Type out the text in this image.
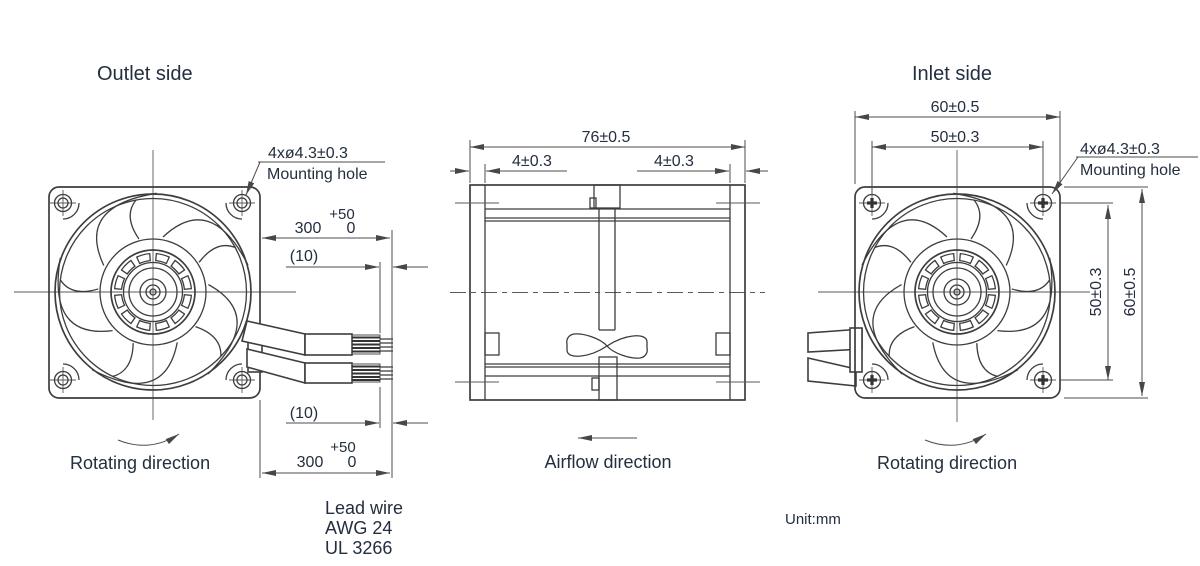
Outlet side
4xø4.3±0.3
Mounting hole
+50
300 0
(10)
(10)
+50
300 0
Rotating direction
Lead wire
AWG 24
UL 3266
76±0.5
4±0.3	4±0.3
Airflow direction
Unit:mm
Inlet side
60±0.5
50±0.3
4xø4.3±0.3
Mounting hole
50±0.3 60±0.5
Rotating direction
